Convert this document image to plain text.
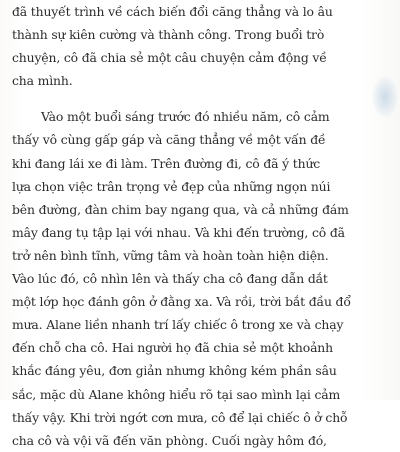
đã thuyết trình về cách biến đổi căng thẳng và lo âu
thành sự kiên cường và thành công. Trong buổi trò
chuyện, cô đã chia sẻ một câu chuyện cảm động về
cha mình.
Vào một buổi sáng trước đó nhiều năm, cô cảm
thấy vô cùng gấp gáp và căng thẳng về một vấn đề
khi đang lái xe đi làm. Trên đường đi, cô đã ý thức
lựa chọn việc trân trọng vẻ đẹp của những ngọn núi
bên đường, đàn chim bay ngang qua, và cả những đám
mây đang tụ tập lại với nhau. Và khi đến trường, cô đã
trở nên bình tĩnh, vững tâm và hoàn toàn hiện diện.
Vào lúc đó, cô nhìn lên và thấy cha cô đang dẫn dắt
một lớp học đánh gôn ở đằng xa. Và rồi, trời bắt đầu đổ
mưa. Alane liền nhanh trí lấy chiếc ô trong xe và chạy
đến chỗ cha cô. Hai người họ đã chia sẻ một khoảnh
khắc đáng yêu, đơn giản nhưng không kém phần sâu
sắc, mặc dù Alane không hiểu rõ tại sao mình lại cảm
thấy vậy. Khi trời ngớt cơn mưa, cô để lại chiếc ô ở chỗ
cha cô và vội vã đến văn phòng. Cuối ngày hôm đó,
